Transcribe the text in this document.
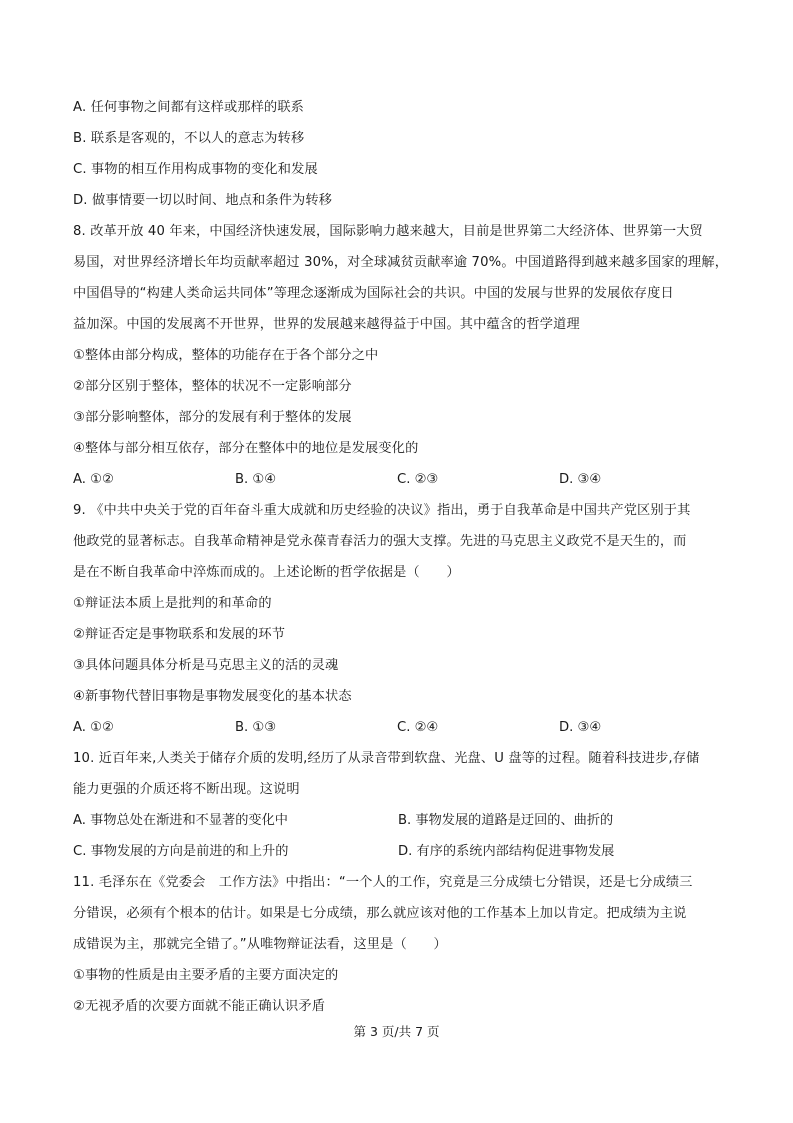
A. 任何事物之间都有这样或那样的联系
B. 联系是客观的，不以人的意志为转移
C. 事物的相互作用构成事物的变化和发展
D. 做事情要一切以时间、地点和条件为转移
8. 改革开放 40 年来，中国经济快速发展，国际影响力越来越大，目前是世界第二大经济体、世界第一大贸
易国，对世界经济增长年均贡献率超过 30%，对全球减贫贡献率逾 70%。中国道路得到越来越多国家的理解，
中国倡导的“构建人类命运共同体”等理念逐渐成为国际社会的共识。中国的发展与世界的发展依存度日
益加深。中国的发展离不开世界，世界的发展越来越得益于中国。其中蕴含的哲学道理
①整体由部分构成，整体的功能存在于各个部分之中
②部分区别于整体，整体的状况不一定影响部分
③部分影响整体，部分的发展有利于整体的发展
④整体与部分相互依存，部分在整体中的地位是发展变化的
A. ①②	B. ①④	C. ②③	D. ③④
9. 《中共中央关于党的百年奋斗重大成就和历史经验的决议》指出，勇于自我革命是中国共产党区别于其
他政党的显著标志。自我革命精神是党永葆青春活力的强大支撑。先进的马克思主义政党不是天生的，而
是在不断自我革命中淬炼而成的。上述论断的哲学依据是（　　）
①辩证法本质上是批判的和革命的
②辩证否定是事物联系和发展的环节
③具体问题具体分析是马克思主义的活的灵魂
④新事物代替旧事物是事物发展变化的基本状态
A. ①②	B. ①③	C. ②④	D. ③④
10. 近百年来,人类关于储存介质的发明,经历了从录音带到软盘、光盘、U 盘等的过程。随着科技进步,存储
能力更强的介质还将不断出现。这说明
A. 事物总处在渐进和不显著的变化中	B. 事物发展的道路是迂回的、曲折的
C. 事物发展的方向是前进的和上升的	D. 有序的系统内部结构促进事物发展
11. 毛泽东在《党委会　工作方法》中指出：“一个人的工作，究竟是三分成绩七分错误，还是七分成绩三
分错误，必须有个根本的估计。如果是七分成绩，那么就应该对他的工作基本上加以肯定。把成绩为主说
成错误为主，那就完全错了。”从唯物辩证法看，这里是（　　）
①事物的性质是由主要矛盾的主要方面决定的
②无视矛盾的次要方面就不能正确认识矛盾
第 3 页/共 7 页
